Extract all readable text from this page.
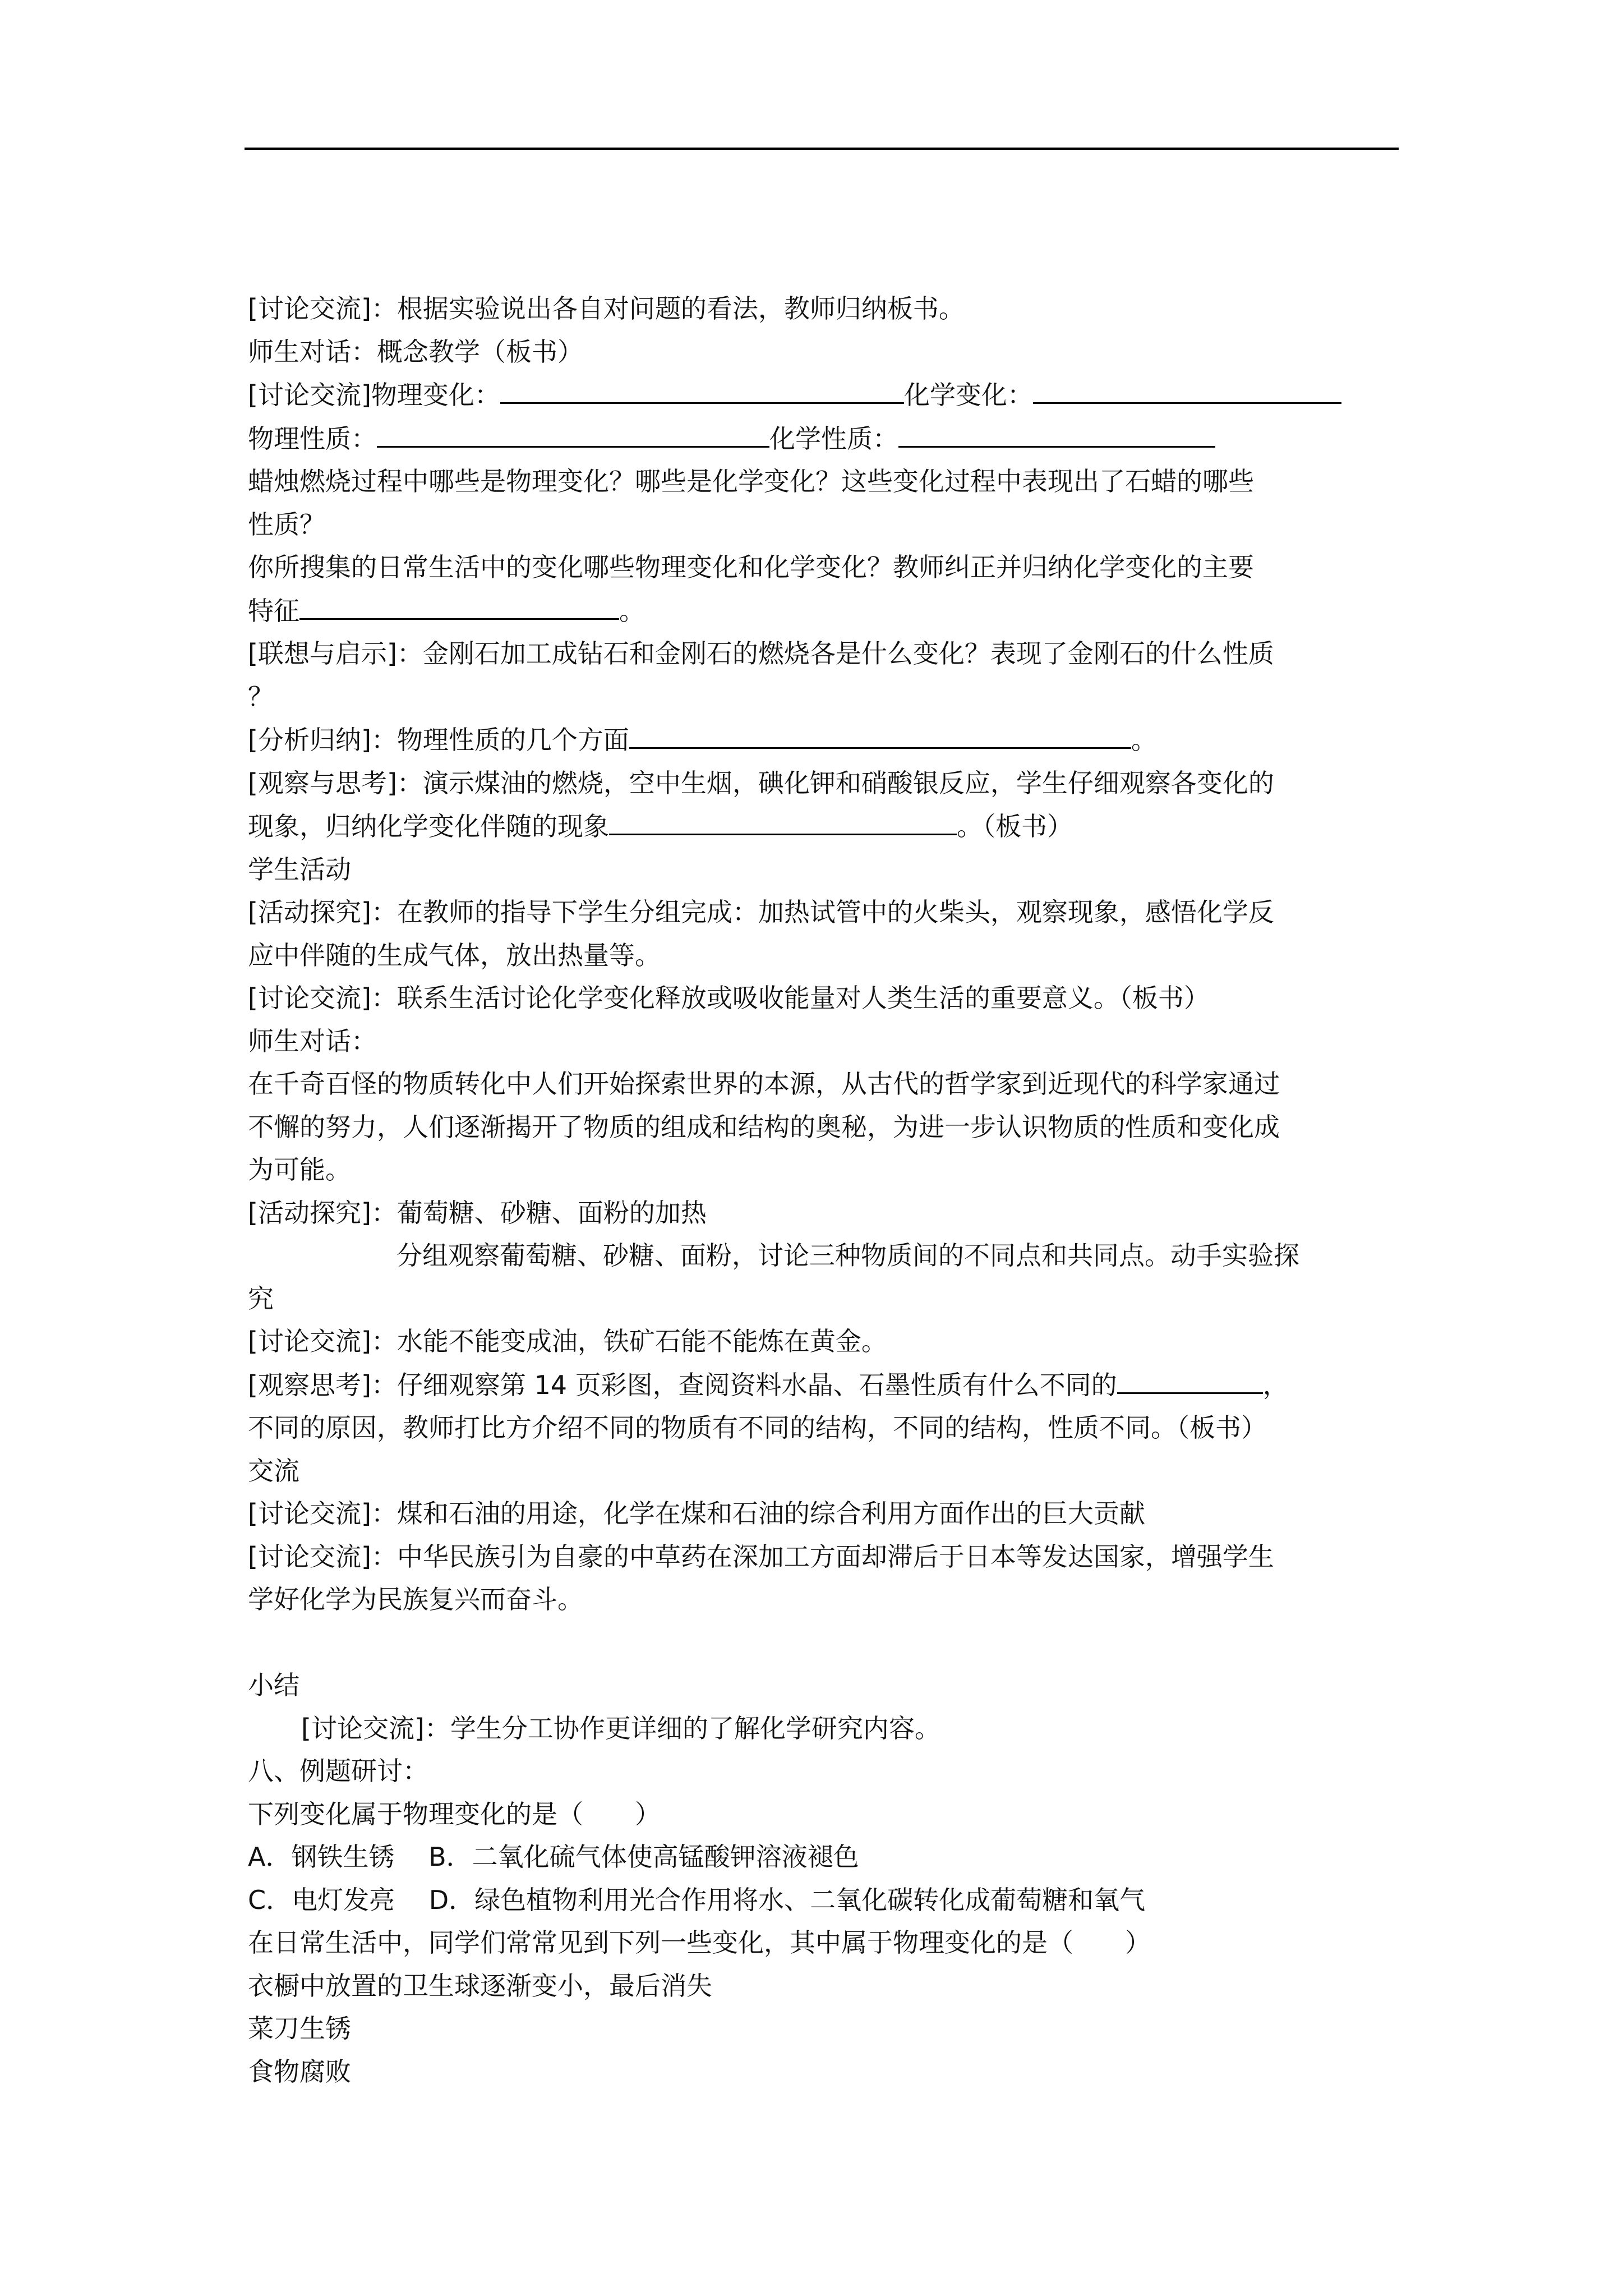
[讨论交流]：根据实验说出各自对问题的看法，教师归纳板书。
师生对话：概念教学（板书）
[讨论交流]物理变化：	化学变化：
物理性质：	化学性质：
蜡烛燃烧过程中哪些是物理变化？哪些是化学变化？这些变化过程中表现出了石蜡的哪些
性质？
你所搜集的日常生活中的变化哪些物理变化和化学变化？教师纠正并归纳化学变化的主要
特征	。
[联想与启示]：金刚石加工成钻石和金刚石的燃烧各是什么变化？表现了金刚石的什么性质
？
[分析归纳]：物理性质的几个方面	。
[观察与思考]：演示煤油的燃烧，空中生烟，碘化钾和硝酸银反应，学生仔细观察各变化的
现象，归纳化学变化伴随的现象	。（板书）
学生活动
[活动探究]：在教师的指导下学生分组完成：加热试管中的火柴头，观察现象，感悟化学反
应中伴随的生成气体，放出热量等。
[讨论交流]：联系生活讨论化学变化释放或吸收能量对人类生活的重要意义。（板书）
师生对话：
在千奇百怪的物质转化中人们开始探索世界的本源，从古代的哲学家到近现代的科学家通过
不懈的努力，人们逐渐揭开了物质的组成和结构的奥秘，为进一步认识物质的性质和变化成
为可能。
[活动探究]：葡萄糖、砂糖、面粉的加热
分组观察葡萄糖、砂糖、面粉，讨论三种物质间的不同点和共同点。动手实验探
究
[讨论交流]：水能不能变成油，铁矿石能不能炼在黄金。
[观察思考]：仔细观察第 14 页彩图，查阅资料水晶、石墨性质有什么不同的	，
不同的原因，教师打比方介绍不同的物质有不同的结构，不同的结构，性质不同。（板书）
交流
[讨论交流]：煤和石油的用途，化学在煤和石油的综合利用方面作出的巨大贡献
[讨论交流]：中华民族引为自豪的中草药在深加工方面却滞后于日本等发达国家，增强学生
学好化学为民族复兴而奋斗。
小结
[讨论交流]：学生分工协作更详细的了解化学研究内容。
八、例题研讨：
下列变化属于物理变化的是（　　）
A．钢铁生锈　 B．二氧化硫气体使高锰酸钾溶液褪色
C．电灯发亮　 D．绿色植物利用光合作用将水、二氧化碳转化成葡萄糖和氧气
在日常生活中，同学们常常见到下列一些变化，其中属于物理变化的是（　　）
衣橱中放置的卫生球逐渐变小，最后消失
菜刀生锈
食物腐败
